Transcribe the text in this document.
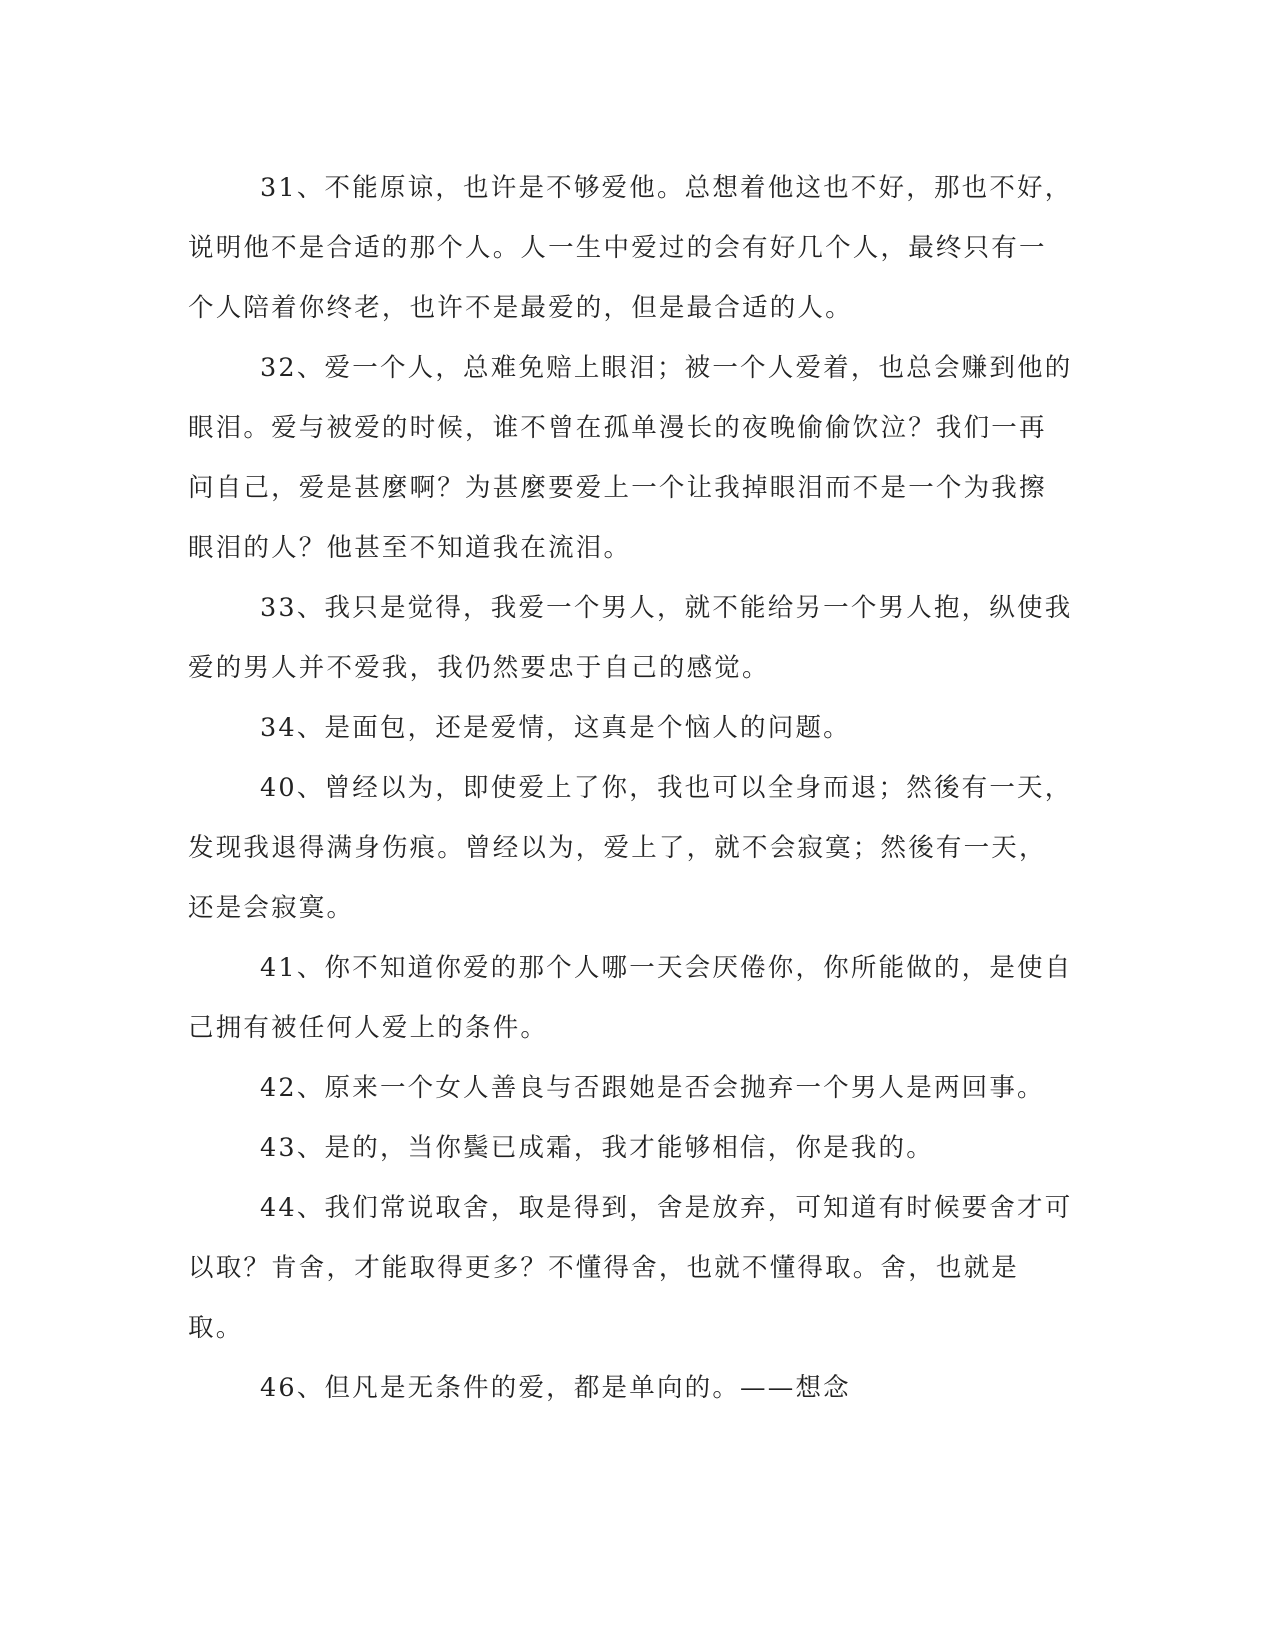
31、不能原谅，也许是不够爱他。总想着他这也不好，那也不好，说明他不是合适的那个人。人一生中爱过的会有好几个人，最终只有一个人陪着你终老，也许不是最爱的，但是最合适的人。

32、爱一个人，总难免赔上眼泪；被一个人爱着，也总会赚到他的眼泪。爱与被爱的时候，谁不曾在孤单漫长的夜晚偷偷饮泣？我们一再问自己，爱是甚麼啊？为甚麼要爱上一个让我掉眼泪而不是一个为我擦眼泪的人？他甚至不知道我在流泪。

33、我只是觉得，我爱一个男人，就不能给另一个男人抱，纵使我爱的男人并不爱我，我仍然要忠于自己的感觉。

34、是面包，还是爱情，这真是个恼人的问题。

40、曾经以为，即使爱上了你，我也可以全身而退；然後有一天，发现我退得满身伤痕。曾经以为，爱上了，就不会寂寞；然後有一天，还是会寂寞。

41、你不知道你爱的那个人哪一天会厌倦你，你所能做的，是使自己拥有被任何人爱上的条件。

42、原来一个女人善良与否跟她是否会抛弃一个男人是两回事。

43、是的，当你鬓已成霜，我才能够相信，你是我的。

44、我们常说取舍，取是得到，舍是放弃，可知道有时候要舍才可以取？肯舍，才能取得更多？不懂得舍，也就不懂得取。舍，也就是取。

46、但凡是无条件的爱，都是单向的。——想念
